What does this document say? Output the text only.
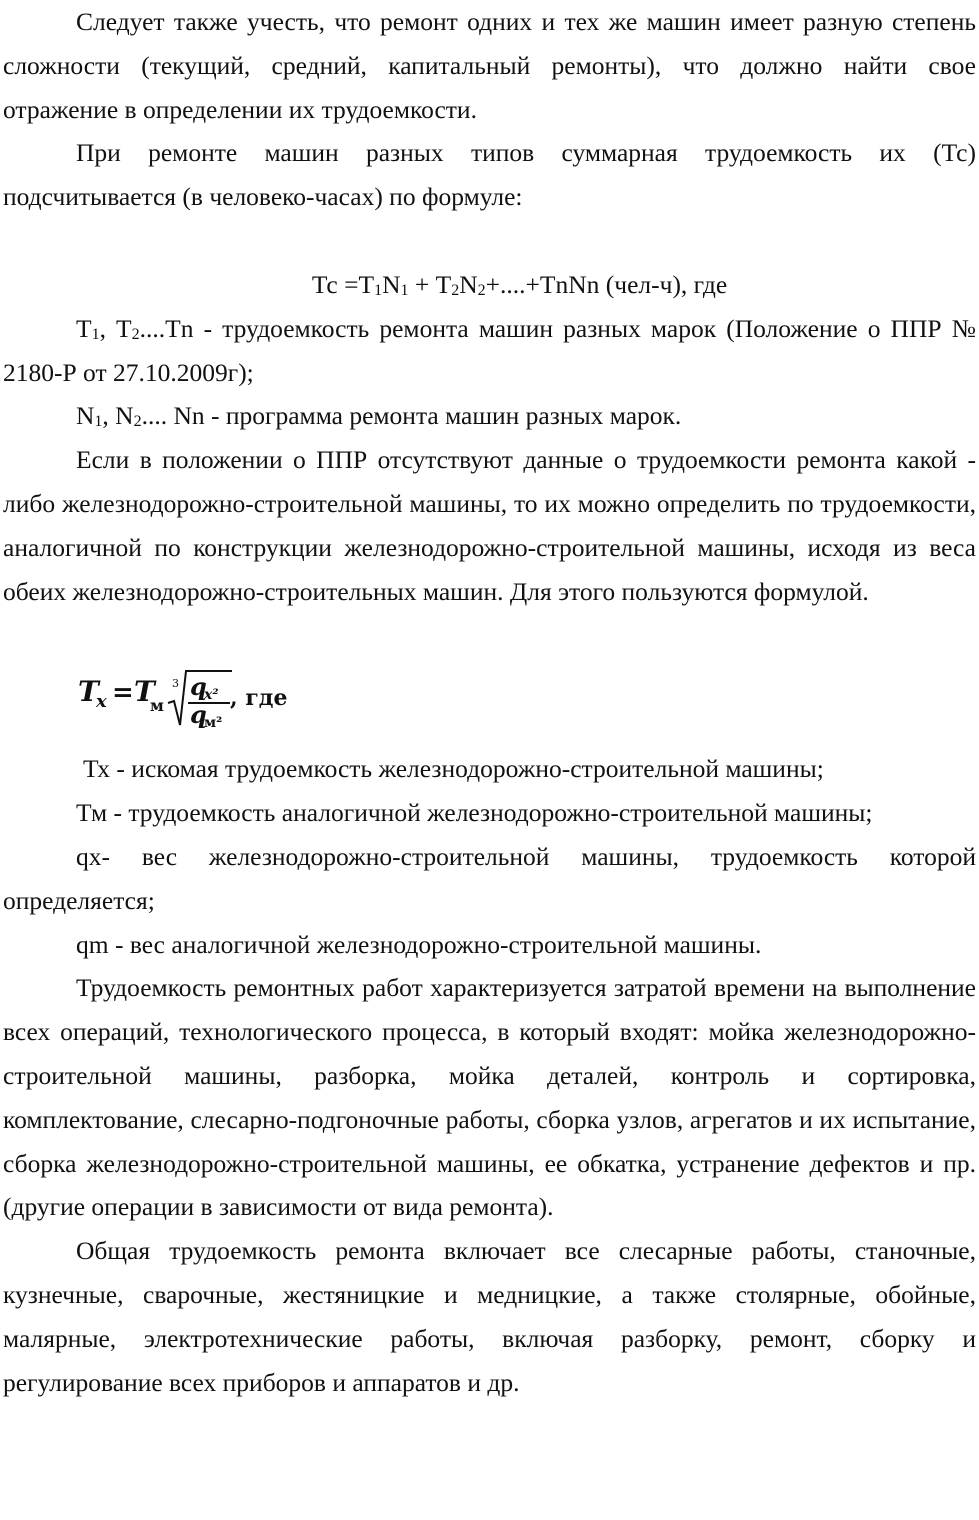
Следует также учесть, что ремонт одних и тех же машин имеет разную степень сложности (текущий, средний, капитальный ремонты), что должно найти свое отражение в определении их трудоемкости.

При ремонте машин разных типов суммарная трудоемкость их (Тс) подсчитывается (в человеко-часах) по формуле:

Тс $=Т_1N_1$ + $Т_2N_2+....+ТnNn$ (чел-ч), где

$Т_1$, $Т_2....Тn$ - трудоемкость ремонта машин разных марок (Положение о ППР № 2180-Р от 27.10.2009г);

$N_1$, $N_2$.... Nn - программа ремонта машин разных марок.

Если в положении о ППР отсутствуют данные о трудоемкости ремонта какой - либо железнодорожно-строительной машины, то их можно определить по трудоемкости, аналогичной по конструкции железнодорожно-строительной машины, исходя из веса обеих железнодорожно-строительных машин. Для этого пользуются формулой.

T
x = T
м
3 q
x²
q
м²
, где

Тх - искомая трудоемкость железнодорожно-строительной машины;

Тм - трудоемкость аналогичной железнодорожно-строительной машины;

qx- вес железнодорожно-строительной машины, трудоемкость которой определяется;

qm - вес аналогичной железнодорожно-строительной машины.

Трудоемкость ремонтных работ характеризуется затратой времени на выполнение всех операций, технологического процесса, в который входят: мойка железнодорожно-строительной машины, разборка, мойка деталей, контроль и сортировка, комплектование, слесарно-подгоночные работы, сборка узлов, агрегатов и их испытание, сборка железнодорожно-строительной машины, ее обкатка, устранение дефектов и пр. (другие операции в зависимости от вида ремонта).

Общая трудоемкость ремонта включает все слесарные работы, станочные, кузнечные, сварочные, жестяницкие и медницкие, а также столярные, обойные, малярные, электротехнические работы, включая разборку, ремонт, сборку и регулирование всех приборов и аппаратов и др.
